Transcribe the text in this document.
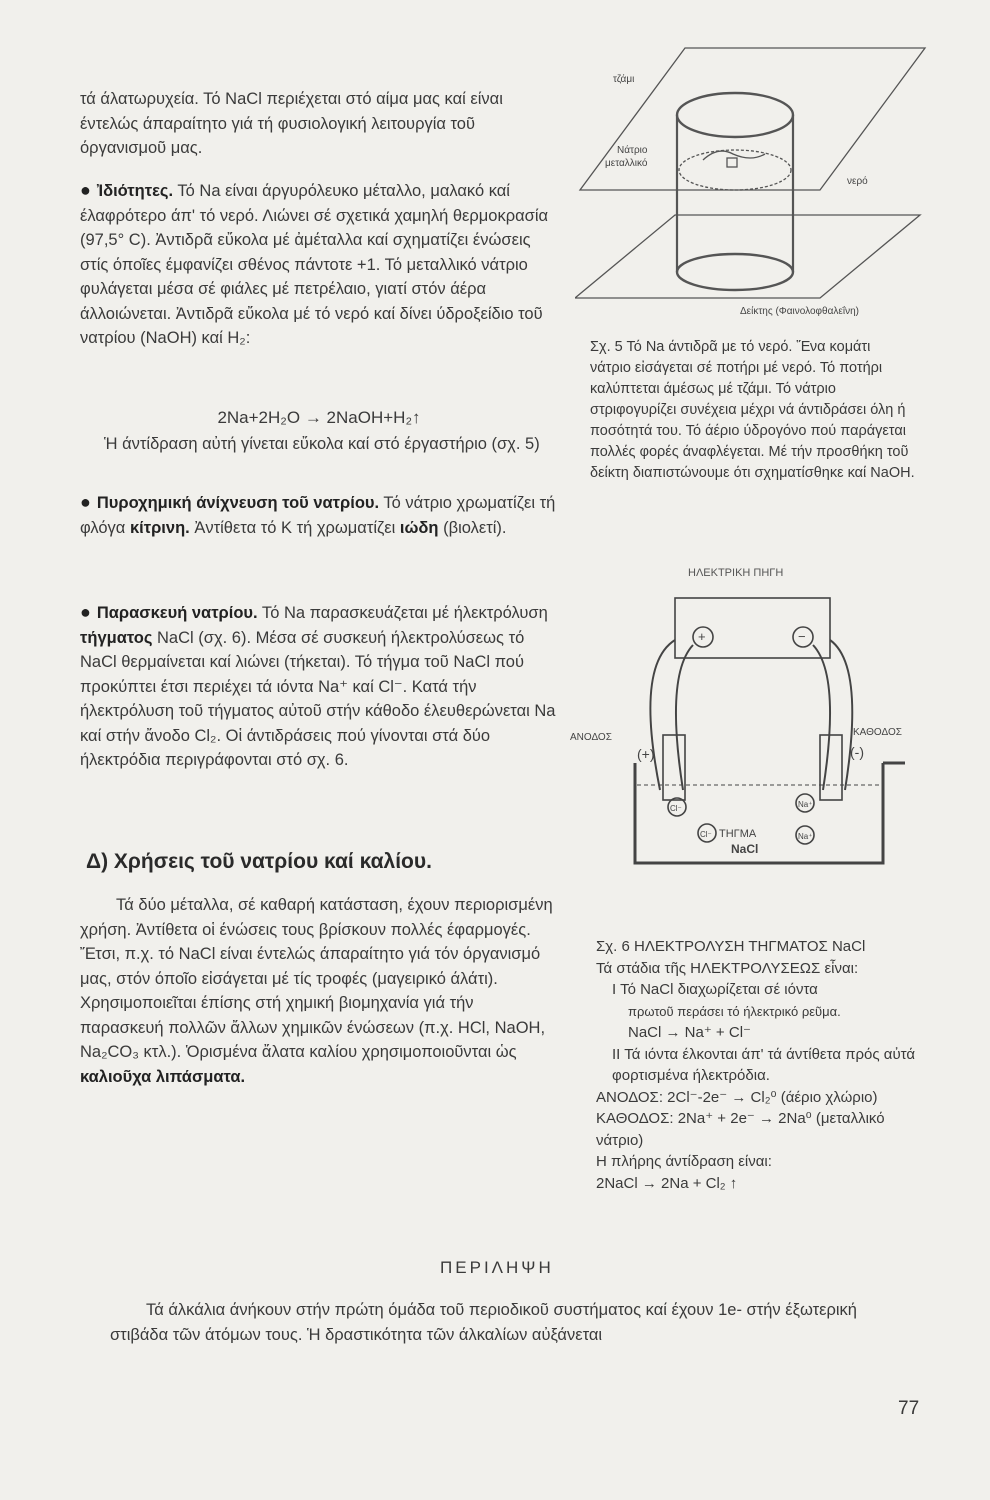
τά άλατωρυχεία. Τό NaCl περιέχεται στό αίμα μας καί είναι έντελώς άπαραίτητο γιά τή φυσιολογική λειτουργία τοῦ όργανισμοῦ μας.

● Ἰδιότητες. Τό Na είναι άργυρόλευκο μέταλλο, μαλακό καί έλαφρότερο άπ' τό νερό. Λιώνει σέ σχετικά χαμηλή θερμοκρασία (97,5° C). Ἀντιδρᾶ εὔκολα μέ ἀμέταλλα καί σχηματίζει ένώσεις στίς όποῖες έμφανίζει σθένος πάντοτε +1. Τό μεταλλικό νάτριο φυλάγεται μέσα σέ φιάλες μέ πετρέλαιο, γιατί στόν άέρα άλλοιώνεται. Ἀντιδρᾶ εὔκολα μέ τό νερό καί δίνει ύδροξείδιο τοῦ νατρίου (NaOH) καί H₂:

2Na+2H₂O → 2NaOH+H₂↑

Ἡ άντίδραση αὐτή γίνεται εὔκολα καί στό έργαστήριο (σχ. 5)

● Πυροχημική άνίχνευση τοῦ νατρίου. Τό νάτριο χρωματίζει τή φλόγα κίτρινη. Ἀντίθετα τό K τή χρωματίζει ιώδη (βιολετί).

● Παρασκευή νατρίου. Τό Na παρασκευάζεται μέ ήλεκτρόλυση τήγματος NaCl (σχ. 6). Μέσα σέ συσκευή ήλεκτρολύσεως τό NaCl θερμαίνεται καί λιώνει (τήκεται). Τό τήγμα τοῦ NaCl πού προκύπτει έτσι περιέχει τά ιόντα Na⁺ καί Cl⁻. Κατά τήν ήλεκτρόλυση τοῦ τήγματος αὐτοῦ στήν κάθοδο έλευθερώνεται Na καί στήν ἄνοδο Cl₂. Οἱ άντιδράσεις πού γίνονται στά δύο ήλεκτρόδια περιγράφονται στό σχ. 6.

Δ) Χρήσεις τοῦ νατρίου καί καλίου.

Τά δύο μέταλλα, σέ καθαρή κατάσταση, έχουν περιορισμένη χρήση. Ἀντίθετα οἱ ένώσεις τους βρίσκουν πολλές έφαρμογές. Ἔτσι, π.χ. τό NaCl είναι έντελώς άπαραίτητο γιά τόν όργανισμό μας, στόν όποῖο εἰσάγεται μέ τίς τροφές (μαγειρικό άλάτι). Χρησιμοποιεῖται έπίσης στή χημική βιομηχανία γιά τήν παρασκευή πολλῶν ἄλλων χημικῶν ένώσεων (π.χ. HCl, NaOH, Na₂CO₃ κτλ.). Ὁρισμένα ἄλατα καλίου χρησιμοποιοῦνται ὡς καλιοῦχα λιπάσματα.

τζάμι
Νάτριο
μεταλλικό
νερό
Δείκτης (Φαινολοφθαλεΐνη)

Σχ. 5 Τό Na άντιδρᾶ με τό νερό. Ἕνα κομάτι νάτριο εἰσάγεται σέ ποτήρι μέ νερό. Τό ποτήρι καλύπτεται άμέσως μέ τζάμι. Τό νάτριο στριφογυρίζει συνέχεια μέχρι νά άντιδράσει όλη ή ποσότητά του. Τό άέριο ύδρογόνο πού παράγεται πολλές φορές άναφλέγεται. Μέ τήν προσθήκη τοῦ δείκτη διαπιστώνουμε ότι σχηματίσθηκε καί NaOH.

ΗΛΕΚΤΡΙΚΗ ΠΗΓΗ
+	−
ΑΝΟΔΟΣ
(+)
ΚΑΘΟΔΟΣ
(-)
Cl⁻	Na⁺
Cl⁻	Na⁺
ΤΗΓΜΑ
NaCl
Σχ. 6 ΗΛΕΚΤΡΟΛΥΣΗ ΤΗΓΜΑΤΟΣ NaCl
Τά στάδια τῆς ΗΛΕΚΤΡΟΛΥΣΕΩΣ εἶναι:
Ι Τό NaCl διαχωρίζεται σέ ιόντα
πρωτοῦ περάσει τό ήλεκτρικό ρεῦμα.
NaCl → Na⁺ + Cl⁻
ΙΙ Τά ιόντα έλκονται άπ' τά άντίθετα πρός αὐτά φορτισμένα ήλεκτρόδια.
ΑΝΟΔΟΣ: 2Cl⁻-2e⁻ → Cl₂⁰ (άέριο χλώριο)
ΚΑΘΟΔΟΣ: 2Na⁺ + 2e⁻ → 2Na⁰ (μεταλλικό νάτριο)
Η πλήρης άντίδραση είναι:
2NaCl → 2Na + Cl₂ ↑
ΠΕΡΙΛΗΨΗ

Τά άλκάλια άνήκουν στήν πρώτη όμάδα τοῦ περιοδικοῦ συστήματος καί έχουν 1e- στήν έξωτερική στιβάδα τῶν άτόμων τους. Ἡ δραστικότητα τῶν άλκαλίων αὐξάνεται

77
